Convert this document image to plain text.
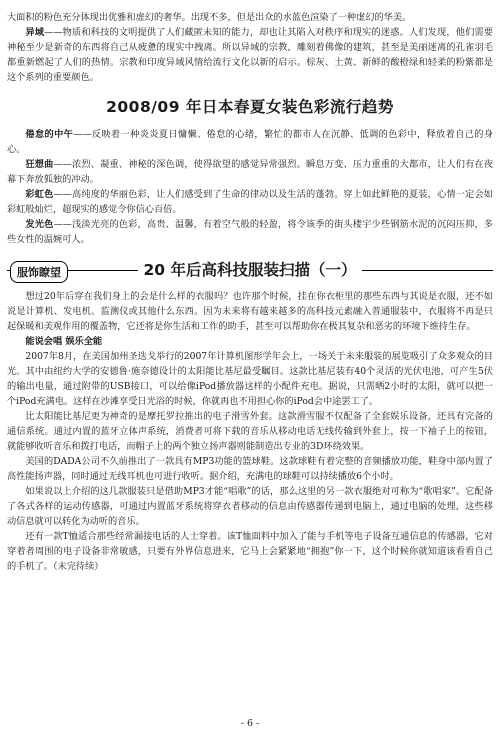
大面积的粉色充分体现出优雅和虚幻的奢华。出现不多，但是出众的水蓝色渲染了一种虚幻的华美。

异域——物质和科技的文明提供了人们藏匿未知的能力，却也让其陷入对秩序和现实的迷惑。人们发现，他们需要神秘至少是新奇的东西将自己从疲惫的现实中拽离。所以异域的宗教，雕刻着佛像的建筑，甚至是美丽迷离的孔雀羽毛都重新燃起了人们的热情。宗教和印度异域风情给流行文化以新的启示。棕灰、土黄、新鲜的酸橙绿和轻柔的粉紫都是这个系列的重要颜色。

2008/09 年日本春夏女装色彩流行趋势

倦怠的中午——反映着一种炎炎夏日慵懒、倦怠的心绪，繁忙的都市人在沉静、低调的色彩中，释放着自己的身心。

狂想曲——浓烈、凝重、神秘的深色调，使得欲望的感觉异常强烈。瞬息万变、压力重重的大都市，让人们有在夜幕下奔放狐独的冲动。

彩虹色——高纯度的华丽色彩，让人们感受到了生命的律动以及生活的蓬勃。穿上如此鲜艳的夏装，心情一定会如彩虹般灿烂，超现实的感觉令你信心百倍。

发光色——浅淡光亮的色彩，高贵、温馨，有着空气般的轻盈，将令该季的街头楼宇少些钢筋水泥的沉闷压抑，多些女性的温婉可人。

20 年后高科技服装扫描（一）
服饰瞭望

想过20年后穿在我们身上的会是什么样的衣服吗？也许那个时候，挂在你衣柜里的那些东西与其说是衣服，还不如说是计算机、发电机、监测仪或其他什么东西。因为未来将有越来越多的高科技元素融入普通服装中，衣服将不再是只起保暖和美观作用的覆盖物，它还将是你生活和工作的助手，甚至可以帮助你在极其复杂和恶劣的环境下维持生存。

能说会唱 娱乐全能

2007年8月，在美国加州圣迭戈举行的2007年计算机图形学年会上，一场关于未来服装的展览吸引了众多观众的目光。其中由纽约大学的安德鲁·施奈德设计的太阳能比基尼最受瞩目。这款比基尼装有40个灵活的光伏电池，可产生5伏的输出电量，通过附带的USB接口，可以给像iPod播放器这样的小配件充电。据说，只需晒2小时的太阳，就可以把一个iPod充满电。这样在沙滩享受日光浴的时候，你就再也不用担心你的iPod会中途罢工了。

比太阳能比基尼更为神奇的是摩托罗拉推出的电子滑雪外套。这款滑雪服不仅配备了全套娱乐设备，还具有完备的通信系统。通过内置的蓝牙立体声系统，消费者可将下载的音乐从移动电话无线传输到外套上，按一下袖子上的按钮，就能够收听音乐和拨打电话，而帽子上的两个独立扬声器则能制造出专业的3D环绕效果。

美国的DADA公司不久前推出了一款具有MP3功能的篮球鞋。这款球鞋有着完整的音频播放功能，鞋身中部内置了高性能扬声器，同时通过无线耳机也可进行收听。据介绍，充满电的球鞋可以持续播放6个小时。

如果说以上介绍的这几款服装只是借助MP3才能“唱歌”的话，那么这里的另一款衣服绝对可称为“歌唱家”。它配备了各式各样的运动传感器，可通过内置蓝牙系统将穿衣者移动的信息由传感器传递到电脑上，通过电脑的处理，这些移动信息就可以转化为动听的音乐。

还有一款T恤适合那些经常漏接电话的人士穿着。该T恤面料中加入了能与手机等电子设备互通信息的传感器，它对穿着者周围的电子设备非常敏感，只要有外界信息进来，它马上会紧紧地“拥抱”你一下，这个时候你就知道该看看自己的手机了。（未完待续）

- 6 -
